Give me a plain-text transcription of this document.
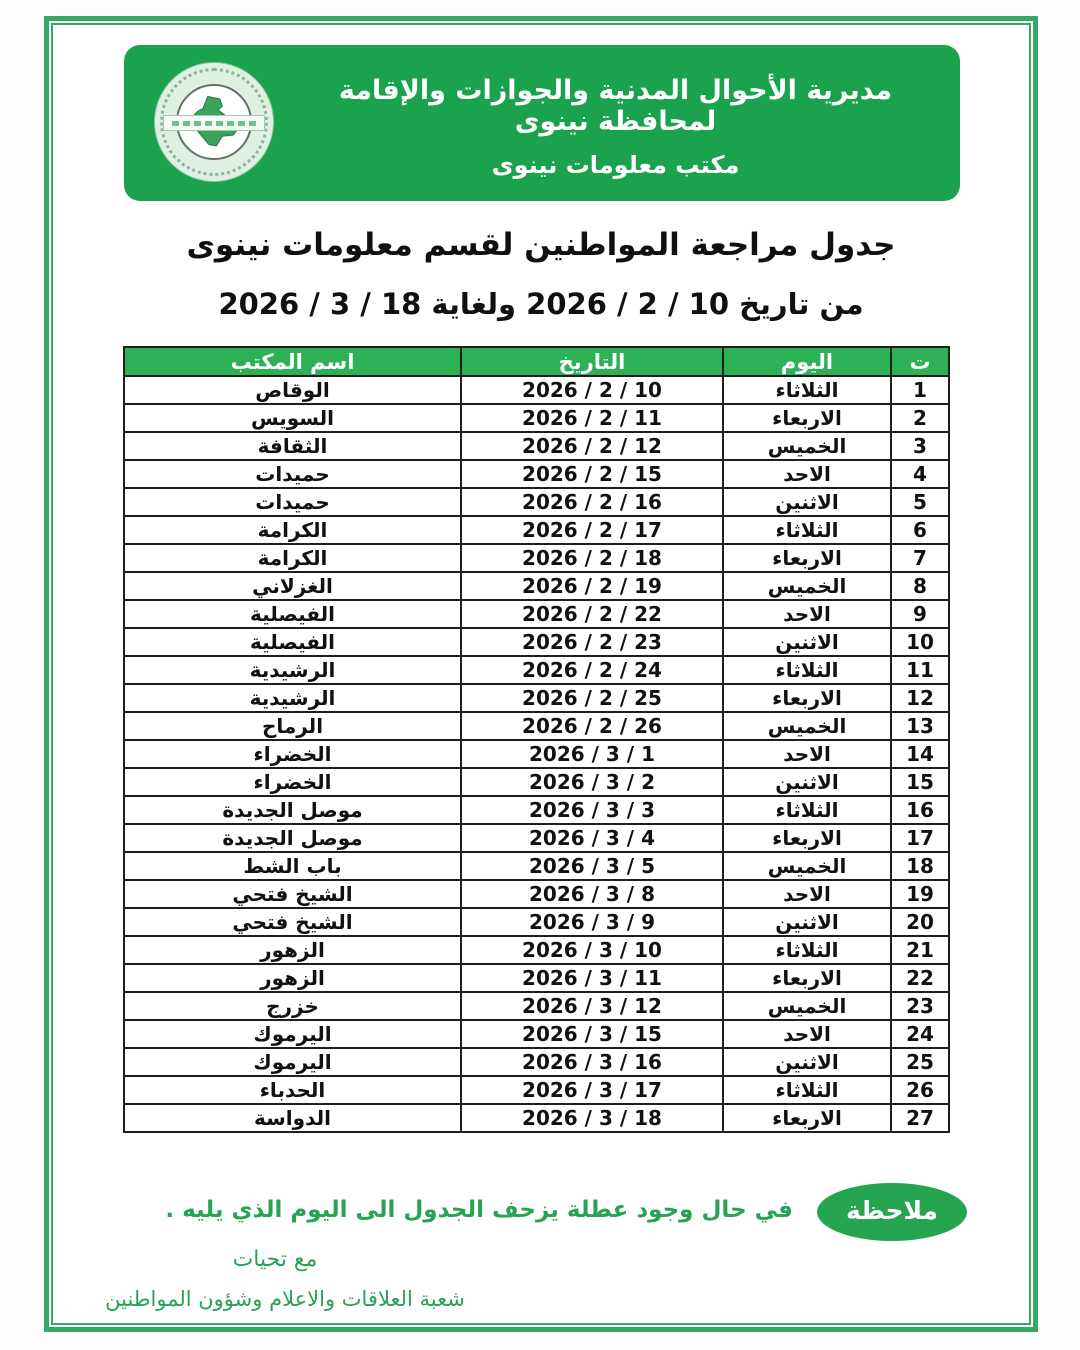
مديرية الأحوال المدنية والجوازات والإقامة لمحافظة نينوى
مكتب معلومات نينوى
جدول مراجعة المواطنين لقسم معلومات نينوى
من تاريخ 10 / 2 / 2026 ولغاية 18 / 3 / 2026
ت	اليوم	التاريخ	اسم المكتب
1	الثلاثاء	10 / 2 / 2026	الوقاص
2	الاربعاء	11 / 2 / 2026	السويس
3	الخميس	12 / 2 / 2026	الثقافة
4	الاحد	15 / 2 / 2026	حميدات
5	الاثنين	16 / 2 / 2026	حميدات
6	الثلاثاء	17 / 2 / 2026	الكرامة
7	الاربعاء	18 / 2 / 2026	الكرامة
8	الخميس	19 / 2 / 2026	الغزلاني
9	الاحد	22 / 2 / 2026	الفيصلية
10	الاثنين	23 / 2 / 2026	الفيصلية
11	الثلاثاء	24 / 2 / 2026	الرشيدية
12	الاربعاء	25 / 2 / 2026	الرشيدية
13	الخميس	26 / 2 / 2026	الرماح
14	الاحد	1 / 3 / 2026	الخضراء
15	الاثنين	2 / 3 / 2026	الخضراء
16	الثلاثاء	3 / 3 / 2026	موصل الجديدة
17	الاربعاء	4 / 3 / 2026	موصل الجديدة
18	الخميس	5 / 3 / 2026	باب الشط
19	الاحد	8 / 3 / 2026	الشيخ فتحي
20	الاثنين	9 / 3 / 2026	الشيخ فتحي
21	الثلاثاء	10 / 3 / 2026	الزهور
22	الاربعاء	11 / 3 / 2026	الزهور
23	الخميس	12 / 3 / 2026	خزرج
24	الاحد	15 / 3 / 2026	اليرموك
25	الاثنين	16 / 3 / 2026	اليرموك
26	الثلاثاء	17 / 3 / 2026	الحدباء
27	الاربعاء	18 / 3 / 2026	الدواسة
ملاحظة
في حال وجود عطلة يزحف الجدول الى اليوم الذي يليه .
مع تحيات
شعبة العلاقات والاعلام وشؤون المواطنين
